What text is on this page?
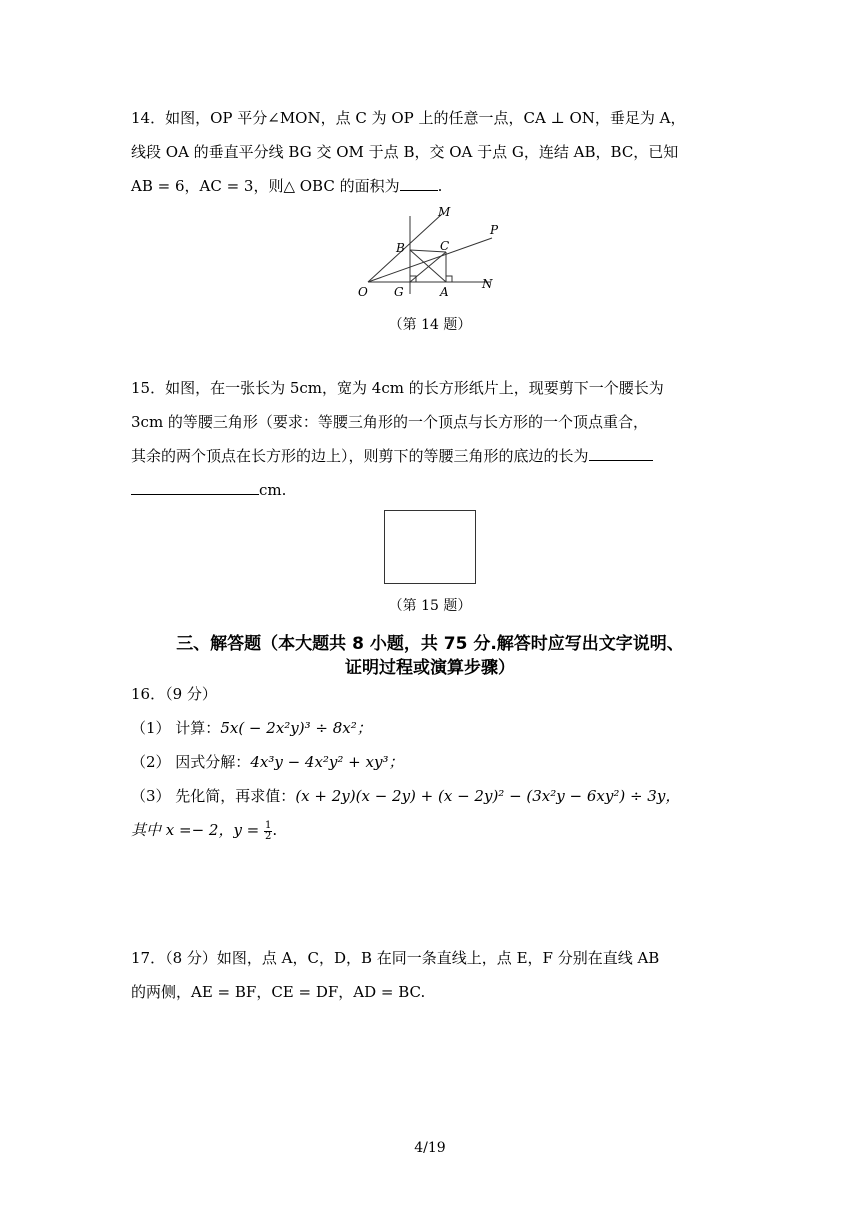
14．如图，OP 平分∠MON，点 C 为 OP 上的任意一点，CA ⊥ ON，垂足为 A，
线段 OA 的垂直平分线 BG 交 OM 于点 B，交 OA 于点 G，连结 AB，BC，已知
AB = 6，AC = 3，则△ OBC 的面积为	.
M
P
B	C
O G	A
N
（第 14 题）
15．如图，在一张长为 5cm，宽为 4cm 的长方形纸片上，现要剪下一个腰长为
3cm 的等腰三角形（要求：等腰三角形的一个顶点与长方形的一个顶点重合，
其余的两个顶点在长方形的边上），则剪下的等腰三角形的底边的长为
cm.
（第 15 题）
三、解答题（本大题共 8 小题，共 75 分.解答时应写出文字说明、
证明过程或演算步骤）
16．（9 分）
（1） 计算：5x( − 2x²y)³ ÷ 8x²；
（2） 因式分解：4x³y − 4x²y² + xy³；
（3） 先化简，再求值：(x + 2y)(x − 2y) + (x − 2y)² − (3x²y − 6xy²) ÷ 3y，
其中 x =− 2，$y = \frac{1}{2}$ .
17．（8 分）如图，点 A，C，D，B 在同一条直线上，点 E，F 分别在直线 AB
的两侧，AE = BF，CE = DF，AD = BC.
4/19
